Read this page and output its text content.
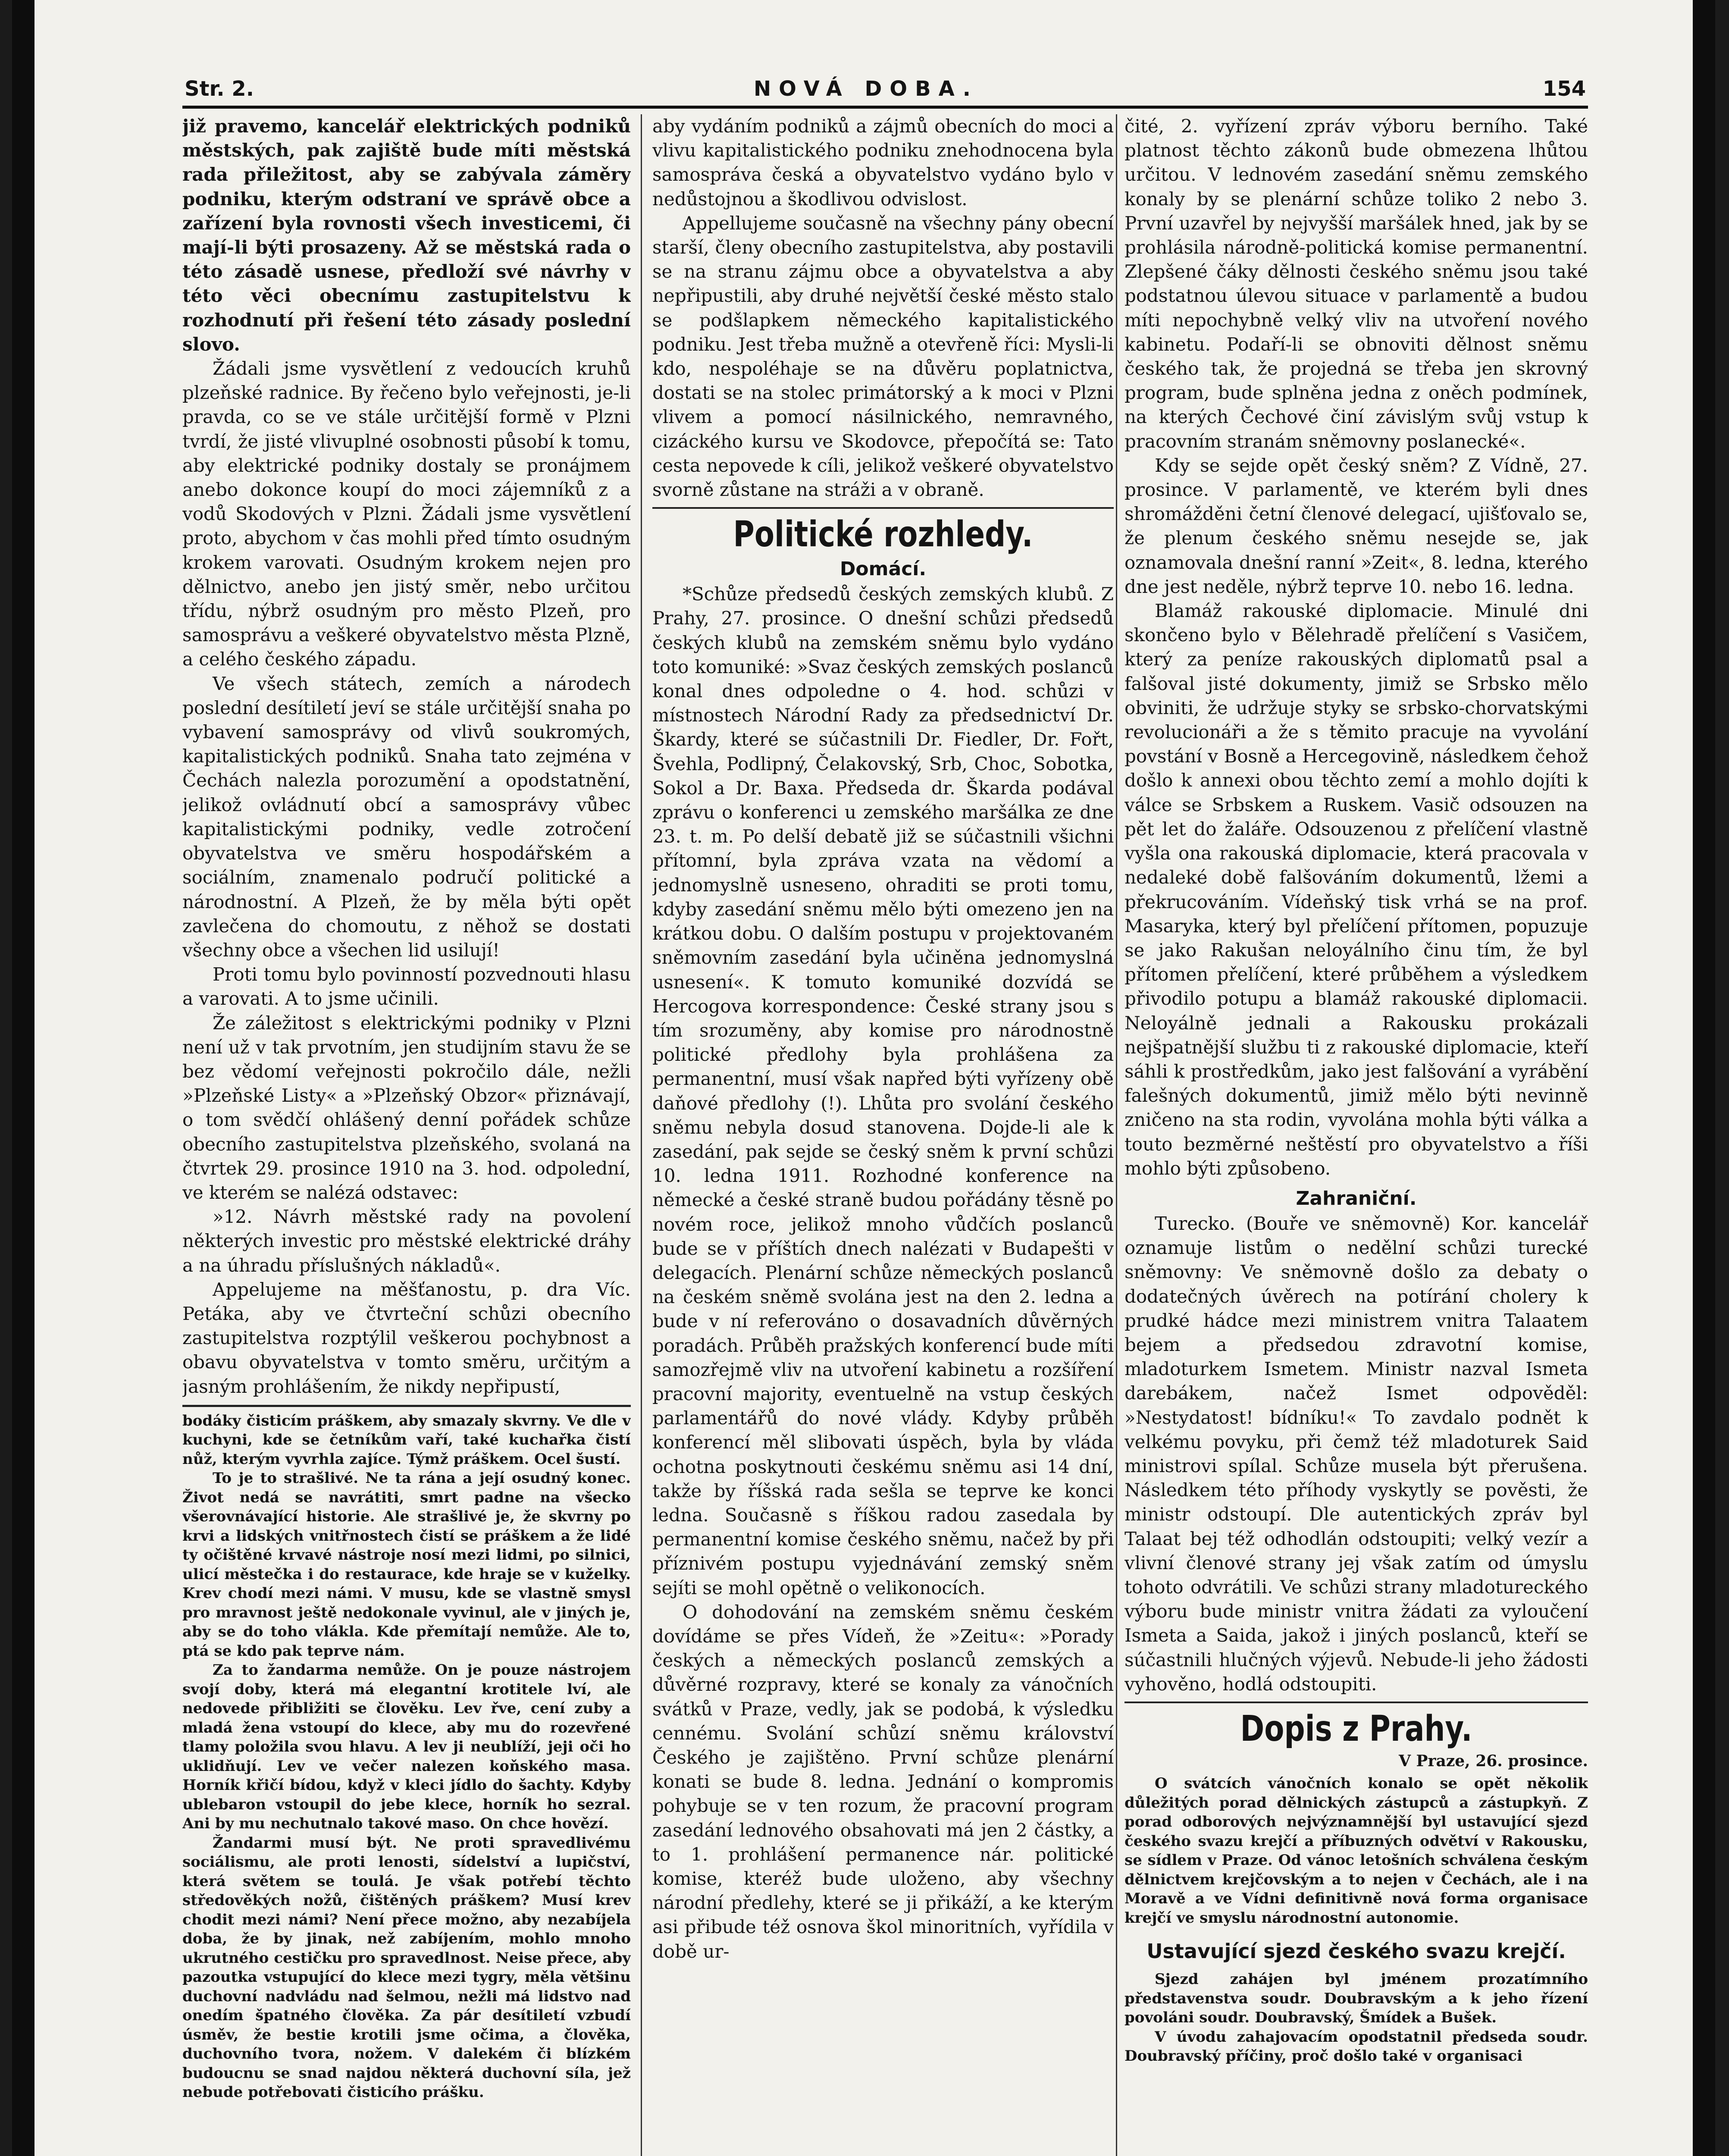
Str. 2.	NOVÁ DOBA.	154

již pravemo, kancelář elektrických podniků městských, pak zajiště bude míti městská rada přiležitost, aby se zabývala záměry podniku, kterým odstraní ve správě obce a zařízení byla rovnosti všech investicemi, či mají-li býti prosazeny. Až se městská rada o této zásadě usnese, předloží své návrhy v této věci obecnímu zastupitelstvu k rozhodnutí při řešení této zásady poslední slovo.

Žádali jsme vysvětlení z vedoucích kruhů plzeňské radnice. By řečeno bylo veřejnosti, je-li pravda, co se ve stále určitější formě v Plzni tvrdí, že jisté vlivuplné osobnosti působí k tomu, aby elektrické podniky dostaly se pronájmem anebo dokonce koupí do moci zájemníků z a vodů Skodových v Plzni. Žádali jsme vysvětlení proto, abychom v čas mohli před tímto osudným krokem varovati. Osudným krokem nejen pro dělnictvo, anebo jen jistý směr, nebo určitou třídu, nýbrž osudným pro město Plzeň, pro samosprávu a veškeré obyvatelstvo města Plzně, a celého českého západu.

Ve všech státech, zemích a národech poslední desítiletí jeví se stále určitější snaha po vybavení samosprávy od vlivů soukromých, kapitalistických podniků. Snaha tato zejména v Čechách nalezla porozumění a opodstatnění, jelikož ovládnutí obcí a samosprávy vůbec kapitalistickými podniky, vedle zotročení obyvatelstva ve směru hospodářském a sociálním, znamenalo područí politické a národnostní. A Plzeň, že by měla býti opět zavlečena do chomoutu, z něhož se dostati všechny obce a všechen lid usilují!

Proti tomu bylo povinností pozvednouti hlasu a varovati. A to jsme učinili.

Že záležitost s elektrickými podniky v Plzni není už v tak prvotním, jen studijním stavu že se bez vědomí veřejnosti pokročilo dále, nežli »Plzeňské Listy« a »Plzeňský Obzor« přiznávají, o tom svědčí ohlášený denní pořádek schůze obecního zastupitelstva plzeňského, svolaná na čtvrtek 29. prosince 1910 na 3. hod. odpolední, ve kterém se nalézá odstavec:

»12. Návrh městské rady na povolení některých investic pro městské elektrické dráhy a na úhradu příslušných nákladů«.

Appelujeme na měšťanostu, p. dra Víc. Petáka, aby ve čtvrteční schůzi obecního zastupitelstva rozptýlil veškerou pochybnost a obavu obyvatelstva v tomto směru, určitým a jasným prohlášením, že nikdy nepřipustí,

bodáky čisticím práškem, aby smazaly skvrny. Ve dle v kuchyni, kde se četníkům vaří, také kuchařka čistí nůž, kterým vyvrhla zajíce. Týmž práškem. Ocel šustí.

To je to strašlivé. Ne ta rána a její osudný konec. Život nedá se navrátiti, smrt padne na všecko všerovnávající historie. Ale strašlivé je, že skvrny po krvi a lidských vnitřnostech čistí se práškem a že lidé ty očištěné krvavé nástroje nosí mezi lidmi, po silnici, ulicí městečka i do restaurace, kde hraje se v kuželky. Krev chodí mezi námi. V musu, kde se vlastně smysl pro mravnost ještě nedokonale vyvinul, ale v jiných je, aby se do toho vlákla. Kde přemítají nemůže. Ale to, ptá se kdo pak teprve nám.

Za to žandarma nemůže. On je pouze nástrojem svojí doby, která má elegantní krotitele lví, ale nedovede přibližiti se člověku. Lev řve, cení zuby a mladá žena vstoupí do klece, aby mu do rozevřené tlamy položila svou hlavu. A lev ji neublíží, jeji oči ho uklidňují. Lev ve večer nalezen koňského masa. Horník křičí bídou, když v kleci jídlo do šachty. Kdyby ublebaron vstoupil do jebe klece, horník ho sezral. Ani by mu nechutnalo takové maso. On chce hovězí.

Žandarmi musí být. Ne proti spravedlivému sociálismu, ale proti lenosti, sídelství a lupičství, která světem se toulá. Je však potřebí těchto středověkých nožů, čištěných práškem? Musí krev chodit mezi námi? Není přece možno, aby nezabíjela doba, že by jinak, než zabíjením, mohlo mnoho ukrutného cestičku pro spravedlnost. Neise přece, aby pazoutka vstupující do klece mezi tygry, měla většinu duchovní nadvládu nad šelmou, nežli má lidstvo nad onedím špatného člověka. Za pár desítiletí vzbudí úsměv, že bestie krotili jsme očima, a člověka, duchovního tvora, nožem. V dalekém či blízkém budoucnu se snad najdou některá duchovní síla, jež nebude potřebovati čisticího prášku.

aby vydáním podniků a zájmů obecních do moci a vlivu kapitalistického podniku znehodnocena byla samospráva česká a obyvatelstvo vydáno bylo v nedůstojnou a škodlivou odvislost.

Appellujeme současně na všechny pány obecní starší, členy obecního zastupitelstva, aby postavili se na stranu zájmu obce a obyvatelstva a aby nepřipustili, aby druhé největší české město stalo se podšlapkem německého kapitalistického podniku. Jest třeba mužně a otevřeně říci: Mysli-li kdo, nespoléhaje se na důvěru poplatnictva, dostati se na stolec primátorský a k moci v Plzni vlivem a pomocí násilnického, nemravného, cizáckého kursu ve Skodovce, přepočítá se: Tato cesta nepovede k cíli, jelikož veškeré obyvatelstvo svorně zůstane na stráži a v obraně.

Politické rozhledy.
Domácí.

*Schůze předsedů českých zemských klubů. Z Prahy, 27. prosince. O dnešní schůzi předsedů českých klubů na zemském sněmu bylo vydáno toto komuniké: »Svaz českých zemských poslanců konal dnes odpoledne o 4. hod. schůzi v místnostech Národní Rady za předsednictví Dr. Škardy, které se súčastnili Dr. Fiedler, Dr. Fořt, Švehla, Podlipný, Čelakovský, Srb, Choc, Sobotka, Sokol a Dr. Baxa. Předseda dr. Škarda podával zprávu o konferenci u zemského maršálka ze dne 23. t. m. Po delší debatě již se súčastnili všichni přítomní, byla zpráva vzata na vědomí a jednomyslně usneseno, ohraditi se proti tomu, kdyby zasedání sněmu mělo býti omezeno jen na krátkou dobu. O dalším postupu v projektovaném sněmovním zasedání byla učiněna jednomyslná usnesení«. K tomuto komuniké dozvídá se Hercogova korrespondence: České strany jsou s tím srozuměny, aby komise pro národnostně politické předlohy byla prohlášena za permanentní, musí však napřed býti vyřízeny obě daňové předlohy (!). Lhůta pro svolání českého sněmu nebyla dosud stanovena. Dojde-li ale k zasedání, pak sejde se český sněm k první schůzi 10. ledna 1911. Rozhodné konference na německé a české straně budou pořádány těsně po novém roce, jelikož mnoho vůdčích poslanců bude se v příštích dnech nalézati v Budapešti v delegacích. Plenární schůze německých poslanců na českém sněmě svolána jest na den 2. ledna a bude v ní referováno o dosavadních důvěrných poradách. Průběh pražských konferencí bude míti samozřejmě vliv na utvoření kabinetu a rozšíření pracovní majority, eventuelně na vstup českých parlamentářů do nové vlády. Kdyby průběh konferencí měl slibovati úspěch, byla by vláda ochotna poskytnouti českému sněmu asi 14 dní, takže by říšská rada sešla se teprve ke konci ledna. Současně s říškou radou zasedala by permanentní komise českého sněmu, načež by při příznivém postupu vyjednávání zemský sněm sejíti se mohl opětně o velikonocích.

O dohodování na zemském sněmu českém dovídáme se přes Vídeň, že »Zeitu«: »Porady českých a německých poslanců zemských a důvěrné rozpravy, které se konaly za vánočních svátků v Praze, vedly, jak se podobá, k výsledku cennému. Svolání schůzí sněmu království Českého je zajištěno. První schůze plenární konati se bude 8. ledna. Jednání o kompromis pohybuje se v ten rozum, že pracovní program zasedání lednového obsahovati má jen 2 částky, a to 1. prohlášení permanence nár. politické komise, kteréž bude uloženo, aby všechny národní předlehy, které se ji přikáží, a ke kterým asi přibude též osnova škol minoritních, vyřídila v době ur-

čité, 2. vyřízení zpráv výboru berního. Také platnost těchto zákonů bude obmezena lhůtou určitou. V lednovém zasedání sněmu zemského konaly by se plenární schůze toliko 2 nebo 3. První uzavřel by nejvyšší maršálek hned, jak by se prohlásila národně-politická komise permanentní. Zlepšené čáky dělnosti českého sněmu jsou také podstatnou úlevou situace v parlamentě a budou míti nepochybně velký vliv na utvoření nového kabinetu. Podaří-li se obnoviti dělnost sněmu českého tak, že projedná se třeba jen skrovný program, bude splněna jedna z oněch podmínek, na kterých Čechové činí závislým svůj vstup k pracovním stranám sněmovny poslanecké«.

Kdy se sejde opět český sněm? Z Vídně, 27. prosince. V parlamentě, ve kterém byli dnes shromážděni četní členové delegací, ujišťovalo se, že plenum českého sněmu nesejde se, jak oznamovala dnešní ranní »Zeit«, 8. ledna, kterého dne jest neděle, nýbrž teprve 10. nebo 16. ledna.

Blamáž rakouské diplomacie. Minulé dni skončeno bylo v Bělehradě přelíčení s Vasičem, který za peníze rakouských diplomatů psal a falšoval jisté dokumenty, jimiž se Srbsko mělo obviniti, že udržuje styky se srbsko-chorvatskými revolucionáři a že s těmito pracuje na vyvolání povstání v Bosně a Hercegovině, následkem čehož došlo k annexi obou těchto zemí a mohlo dojíti k válce se Srbskem a Ruskem. Vasič odsouzen na pět let do žaláře. Odsouzenou z přelíčení vlastně vyšla ona rakouská diplomacie, která pracovala v nedaleké době falšováním dokumentů, lžemi a překrucováním. Vídeňský tisk vrhá se na prof. Masaryka, který byl přelíčení přítomen, popuzuje se jako Rakušan neloyálního činu tím, že byl přítomen přelíčení, které průběhem a výsledkem přivodilo potupu a blamáž rakouské diplomacii. Neloyálně jednali a Rakousku prokázali nejšpatnější službu ti z rakouské diplomacie, kteří sáhli k prostředkům, jako jest falšování a vyrábění falešných dokumentů, jimiž mělo býti nevinně zničeno na sta rodin, vyvolána mohla býti válka a touto bezměrné neštěstí pro obyvatelstvo a říši mohlo býti způsobeno.

Zahraniční.

Turecko. (Bouře ve sněmovně) Kor. kancelář oznamuje listům o nedělní schůzi turecké sněmovny: Ve sněmovně došlo za debaty o dodatečných úvěrech na potírání cholery k prudké hádce mezi ministrem vnitra Talaatem bejem a předsedou zdravotní komise, mladoturkem Ismetem. Ministr nazval Ismeta darebákem, načež Ismet odpověděl: »Nestydatost! bídníku!« To zavdalo podnět k velkému povyku, při čemž též mladoturek Said ministrovi spílal. Schůze musela být přerušena. Následkem této příhody vyskytly se pověsti, že ministr odstoupí. Dle autentických zpráv byl Talaat bej též odhodlán odstoupiti; velký vezír a vlivní členové strany jej však zatím od úmyslu tohoto odvrátili. Ve schůzi strany mladotureckého výboru bude ministr vnitra žádati za vyloučení Ismeta a Saida, jakož i jiných poslanců, kteří se súčastnili hlučných výjevů. Nebude-li jeho žádosti vyhověno, hodlá odstoupiti.

Dopis z Prahy.
V Praze, 26. prosince.

O svátcích vánočních konalo se opět několik důležitých porad dělnických zástupců a zástupkyň. Z porad odborových nejvýznamnější byl ustavující sjezd českého svazu krejčí a příbuzných odvětví v Rakousku, se sídlem v Praze. Od vánoc letošních schválena českým dělnictvem krejčovským a to nejen v Čechách, ale i na Moravě a ve Vídni definitivně nová forma organisace krejčí ve smyslu národnostní autonomie.

Ustavující sjezd českého svazu krejčí.

Sjezd zahájen byl jménem prozatímního představenstva soudr. Doubravským a k jeho řízení povoláni soudr. Doubravský, Šmídek a Bušek.

V úvodu zahajovacím opodstatnil předseda soudr. Doubravský příčiny, proč došlo také v organisaci
